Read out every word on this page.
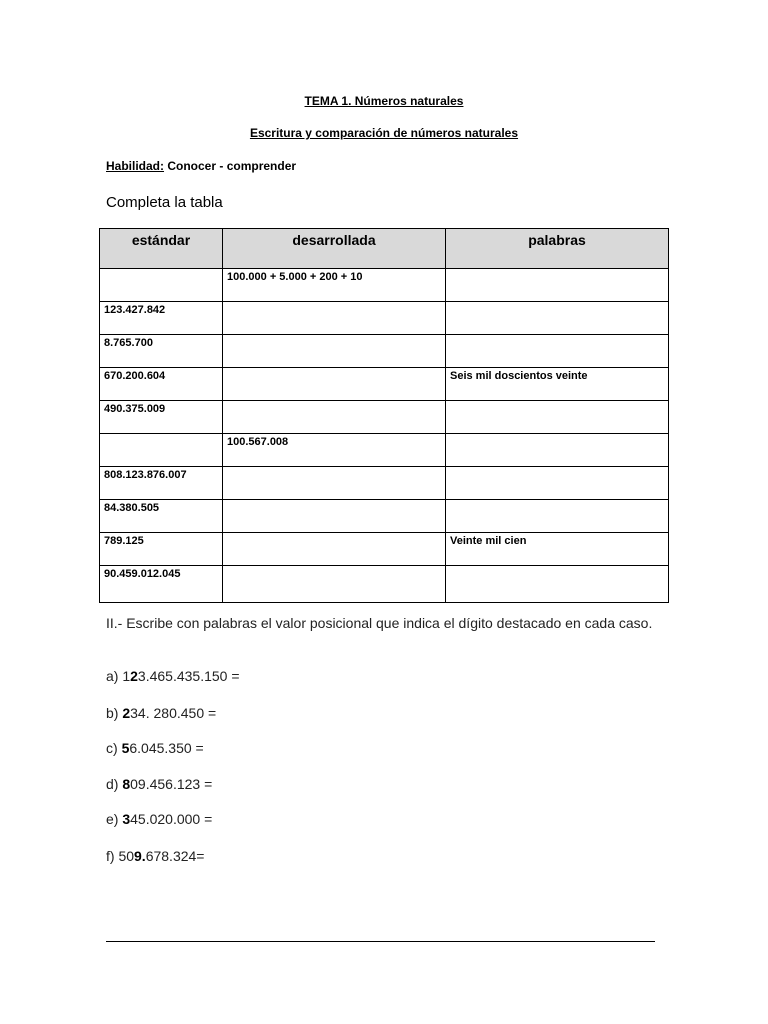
TEMA 1. Números naturales
Escritura y comparación de números naturales
Habilidad: Conocer - comprender
Completa la tabla
estándar	desarrollada	palabras
	100.000 + 5.000 + 200 + 10	
123.427.842		
8.765.700		
670.200.604		Seis mil doscientos veinte
490.375.009		
	100.567.008	
808.123.876.007		
84.380.505		
789.125		Veinte mil cien
90.459.012.045		
II.- Escribe con palabras el valor posicional que indica el dígito destacado en cada caso.
a) 123.465.435.150 =
b) 234. 280.450 =
c) 56.045.350 =
d) 809.456.123 =
e) 345.020.000 =
f) 509.678.324=
